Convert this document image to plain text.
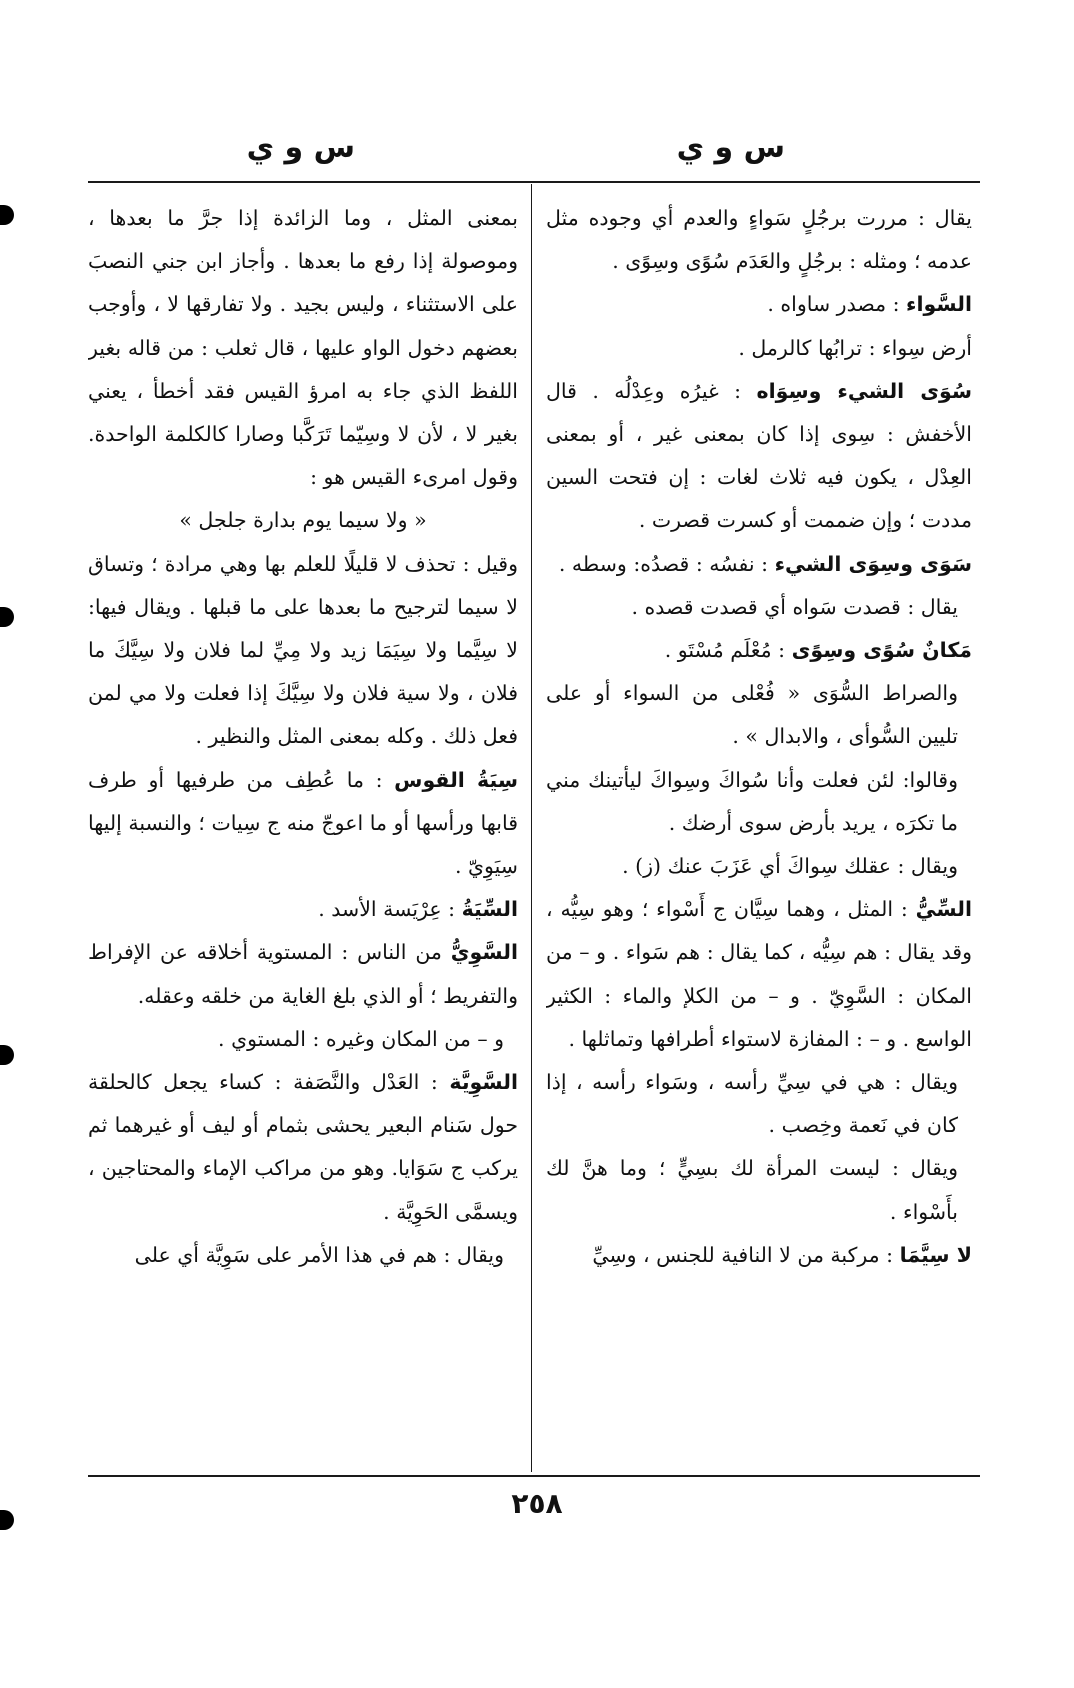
س و ي
س و ي

يقال : مررت برجُلٍ سَواءٍ والعدم أي وجوده مثل عدمه ؛ ومثله : برجُلٍ والعَدَم سُوًى وسِوًى .

السَّواء : مصدر ساواه .

أرض سِواء : ترابُها كالرمل .

سُوَى الشيء وسِوَاه : غيرُه وعِدْلُه . قال الأخفش : سِوى إذا كان بمعنى غير ، أو بمعنى العِدْل ، يكون فيه ثلاث لغات : إن فتحت السين مددت ؛ وإن ضممت أو كسرت قصرت .

سَوَى وسِوَى الشيء : نفسُه : قصدُه: وسطه .

يقال : قصدت سَواه أي قصدت قصده .

مَكانٌ سُوًى وسِوًى : مُعْلَم مُسْتَو .

والصراط السُّوَى « فُعْلى من السواء أو على تليين السُّوأى ، والابدال » .

وقالوا: لئن فعلت وأنا سُواكَ وسِواكَ ليأتينك مني ما تكرَه ، يريد بأرض سوى أرضك .

ويقال : عقلك سِواكَ أي عَزَبَ عنك (ز) .

السِّيُّ : المثل ، وهما سِيَّان ج أَسْواء ؛ وهو سِيُّه ، وقد يقال : هم سِيُّه ، كما يقال : هم سَواء . و – من المكان : السَّوِيّ . و – من الكلإ والماء : الكثير الواسع . و – : المفازة لاستواء أطرافها وتماثلها .

ويقال : هي في سِيِّ رأسه ، وسَواء رأسه ، إذا كان في نَعمة وخِصب .

ويقال : ليست المرأة لك بسِيٍّ ؛ وما هنَّ لك بأَسْواء .

لا سِيَّمَا : مركبة من لا النافية للجنس ، وسِيِّ

بمعنى المثل ، وما الزائدة إذا جرَّ ما بعدها ، وموصولة إذا رفع ما بعدها . وأجاز ابن جني النصبَ على الاستثناء ، وليس بجيد . ولا تفارقها لا ، وأوجب بعضهم دخول الواو عليها ، قال ثعلب : من قاله بغير اللفظ الذي جاء به امرؤ القيس فقد أخطأ ، يعني بغير لا ، لأن لا وسِيّما تَرَكَّبا وصارا كالكلمة الواحدة. وقول امرىء القيس هو :

« ولا سيما يوم بدارة جلجل »

وقيل : تحذف لا قليلًا للعلم بها وهي مرادة ؛ وتساق لا سيما لترجيح ما بعدها على ما قبلها . ويقال فيها: لا سِيَّما ولا سِيَمَا زيد ولا مِيِّ لما فلان ولا سِيَّكَ ما فلان ، ولا سية فلان ولا سِيَّكَ إذا فعلت ولا مي لمن فعل ذلك . وكله بمعنى المثل والنظير .

سِيَةُ القوس : ما عُطِف من طرفيها أو طرف قابها ورأسها أو ما اعوجّ منه ج سِيات ؛ والنسبة إليها سِيَوِيّ .

السِّيَةُ : عِرْيَسة الأسد .

السَّوِيُّ من الناس : المستوية أخلاقه عن الإفراط والتفريط ؛ أو الذي بلغ الغاية من خلقه وعقله.

و – من المكان وغيره : المستوي .

السَّوِيَّة : العَدْل والنَّصَفة : كساء يجعل كالحلقة حول سَنام البعير يحشى بثمام أو ليف أو غيرهما ثم يركب ج سَوَايا. وهو من مراكب الإماء والمحتاجين ، ويسمَّى الحَوِيَّة .

ويقال : هم في هذا الأمر على سَوِيَّة أي على

٢٥٨
